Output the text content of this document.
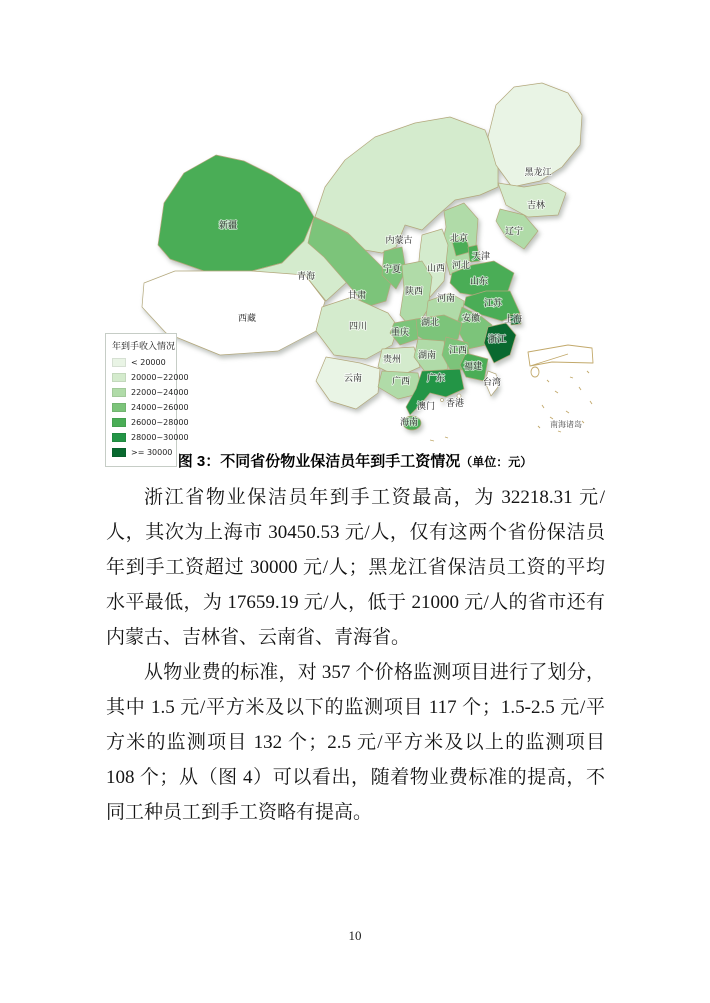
新疆
西藏
青海
甘肃
内蒙古
黑龙江
吉林
辽宁
北京
天津
河北
山西
山东
宁夏
陕西
河南	江苏
安徽	上海
浙江
湖北
四川
重庆
贵州 湖南 江西
福建
云南	广西 广东
澳门 香港
海南
台湾
南海诸岛
年到手收入情况
< 20000
20000~22000
22000~24000
24000~26000
26000~28000
28000~30000
>= 30000
图 3：不同省份物业保洁员年到手工资情况（单位：元）

浙江省物业保洁员年到手工资最高，为 32218.31 元/人，其次为上海市 30450.53 元/人，仅有这两个省份保洁员年到手工资超过 30000 元/人；黑龙江省保洁员工资的平均水平最低，为 17659.19 元/人，低于 21000 元/人的省市还有内蒙古、吉林省、云南省、青海省。

从物业费的标准，对 357 个价格监测项目进行了划分，其中 1.5 元/平方米及以下的监测项目 117 个；1.5-2.5 元/平方米的监测项目 132 个；2.5 元/平方米及以上的监测项目 108 个；从（图 4）可以看出，随着物业费标准的提高，不同工种员工到手工资略有提高。

10
